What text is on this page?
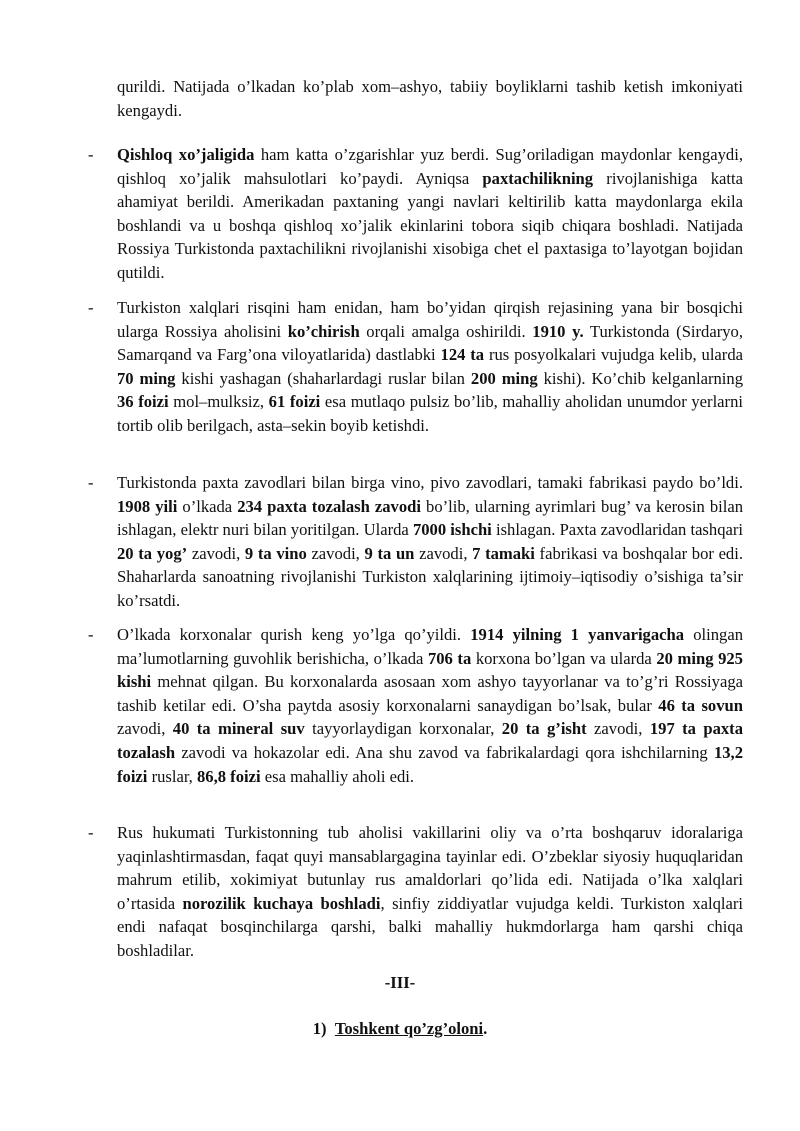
qurildi. Natijada o’lkadan ko’plab xom–ashyo, tabiiy boyliklarni tashib ketish imkoniyati kengaydi.
- Qishloq xo’jaligida ham katta o’zgarishlar yuz berdi. Sug’oriladigan maydonlar kengaydi, qishloq xo’jalik mahsulotlari ko’paydi. Ayniqsa paxtachilikning rivojlanishiga katta ahamiyat berildi. Amerikadan paxtaning yangi navlari keltirilib katta maydonlarga ekila boshlandi va u boshqa qishloq xo’jalik ekinlarini tobora siqib chiqara boshladi. Natijada Rossiya Turkistonda paxtachilikni rivojlanishi xisobiga chet el paxtasiga to’layotgan bojidan qutildi.
- Turkiston xalqlari risqini ham enidan, ham bo’yidan qirqish rejasining yana bir bosqichi ularga Rossiya aholisini ko’chirish orqali amalga oshirildi. 1910 y. Turkistonda (Sirdaryo, Samarqand va Farg’ona viloyatlarida) dastlabki 124 ta rus posyolkalari vujudga kelib, ularda 70 ming kishi yashagan (shaharlardagi ruslar bilan 200 ming kishi). Ko’chib kelganlarning 36 foizi mol–mulksiz, 61 foizi esa mutlaqo pulsiz bo’lib, mahalliy aholidan unumdor yerlarni tortib olib berilgach, asta–sekin boyib ketishdi.
- Turkistonda paxta zavodlari bilan birga vino, pivo zavodlari, tamaki fabrikasi paydo bo’ldi. 1908 yili o’lkada 234 paxta tozalash zavodi bo’lib, ularning ayrimlari bug’ va kerosin bilan ishlagan, elektr nuri bilan yoritilgan. Ularda 7000 ishchi ishlagan. Paxta zavodlaridan tashqari 20 ta yog’ zavodi, 9 ta vino zavodi, 9 ta un zavodi, 7 tamaki fabrikasi va boshqalar bor edi. Shaharlarda sanoatning rivojlanishi Turkiston xalqlarining ijtimoiy–iqtisodiy o’sishiga ta’sir ko’rsatdi.
- O’lkada korxonalar qurish keng yo’lga qo’yildi. 1914 yilning 1 yanvarigacha olingan ma’lumotlarning guvohlik berishicha, o’lkada 706 ta korxona bo’lgan va ularda 20 ming 925 kishi mehnat qilgan. Bu korxonalarda asosaan xom ashyo tayyorlanar va to’g’ri Rossiyaga tashib ketilar edi. O’sha paytda asosiy korxonalarni sanaydigan bo’lsak, bular 46 ta sovun zavodi, 40 ta mineral suv tayyorlaydigan korxonalar, 20 ta g’isht zavodi, 197 ta paxta tozalash zavodi va hokazolar edi. Ana shu zavod va fabrikalardagi qora ishchilarning 13,2 foizi ruslar, 86,8 foizi esa mahalliy aholi edi.
- Rus hukumati Turkistonning tub aholisi vakillarini oliy va o’rta boshqaruv idoralariga yaqinlashtirmasdan, faqat quyi mansablargagina tayinlar edi. O’zbeklar siyosiy huquqlaridan mahrum etilib, xokimiyat butunlay rus amaldorlari qo’lida edi. Natijada o’lka xalqlari o’rtasida norozilik kuchaya boshladi, sinfiy ziddiyatlar vujudga keldi. Turkiston xalqlari endi nafaqat bosqinchilarga qarshi, balki mahalliy hukmdorlarga ham qarshi chiqa boshladilar.
-III-
1) Toshkent qo’zg’oloni.
